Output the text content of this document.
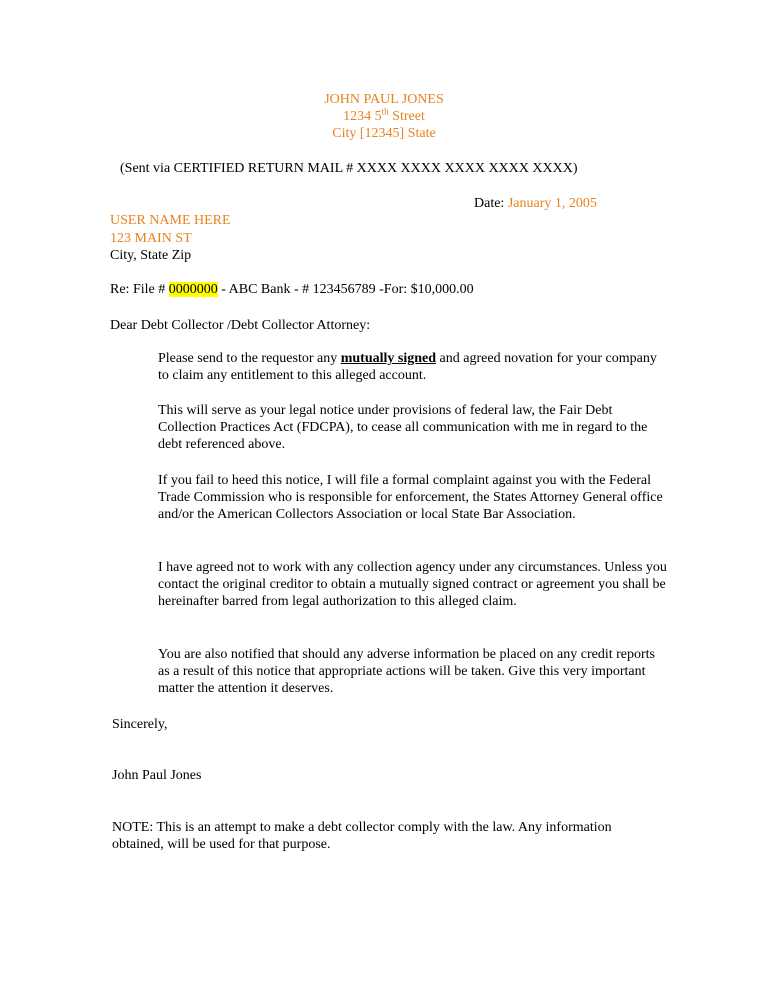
JOHN PAUL JONES
1234 5th Street
City [12345] State
(Sent via CERTIFIED RETURN MAIL # XXXX XXXX XXXX XXXX XXXX)
Date: January 1, 2005
USER NAME HERE
123 MAIN ST
City, State Zip
Re: File # 0000000 - ABC Bank - # 123456789 -For: $10,000.00
Dear Debt Collector /Debt Collector Attorney:
Please send to the requestor any mutually signed and agreed novation for your company to claim any entitlement to this alleged account.
This will serve as your legal notice under provisions of federal law, the Fair Debt Collection Practices Act (FDCPA), to cease all communication with me in regard to the debt referenced above.
If you fail to heed this notice, I will file a formal complaint against you with the Federal Trade Commission who is responsible for enforcement, the States Attorney General office and/or the American Collectors Association or local State Bar Association.
I have agreed not to work with any collection agency under any circumstances. Unless you contact the original creditor to obtain a mutually signed contract or agreement you shall be hereinafter barred from legal authorization to this alleged claim.
You are also notified that should any adverse information be placed on any credit reports as a result of this notice that appropriate actions will be taken. Give this very important matter the attention it deserves.
Sincerely,
John Paul Jones
NOTE: This is an attempt to make a debt collector comply with the law. Any information obtained, will be used for that purpose.
